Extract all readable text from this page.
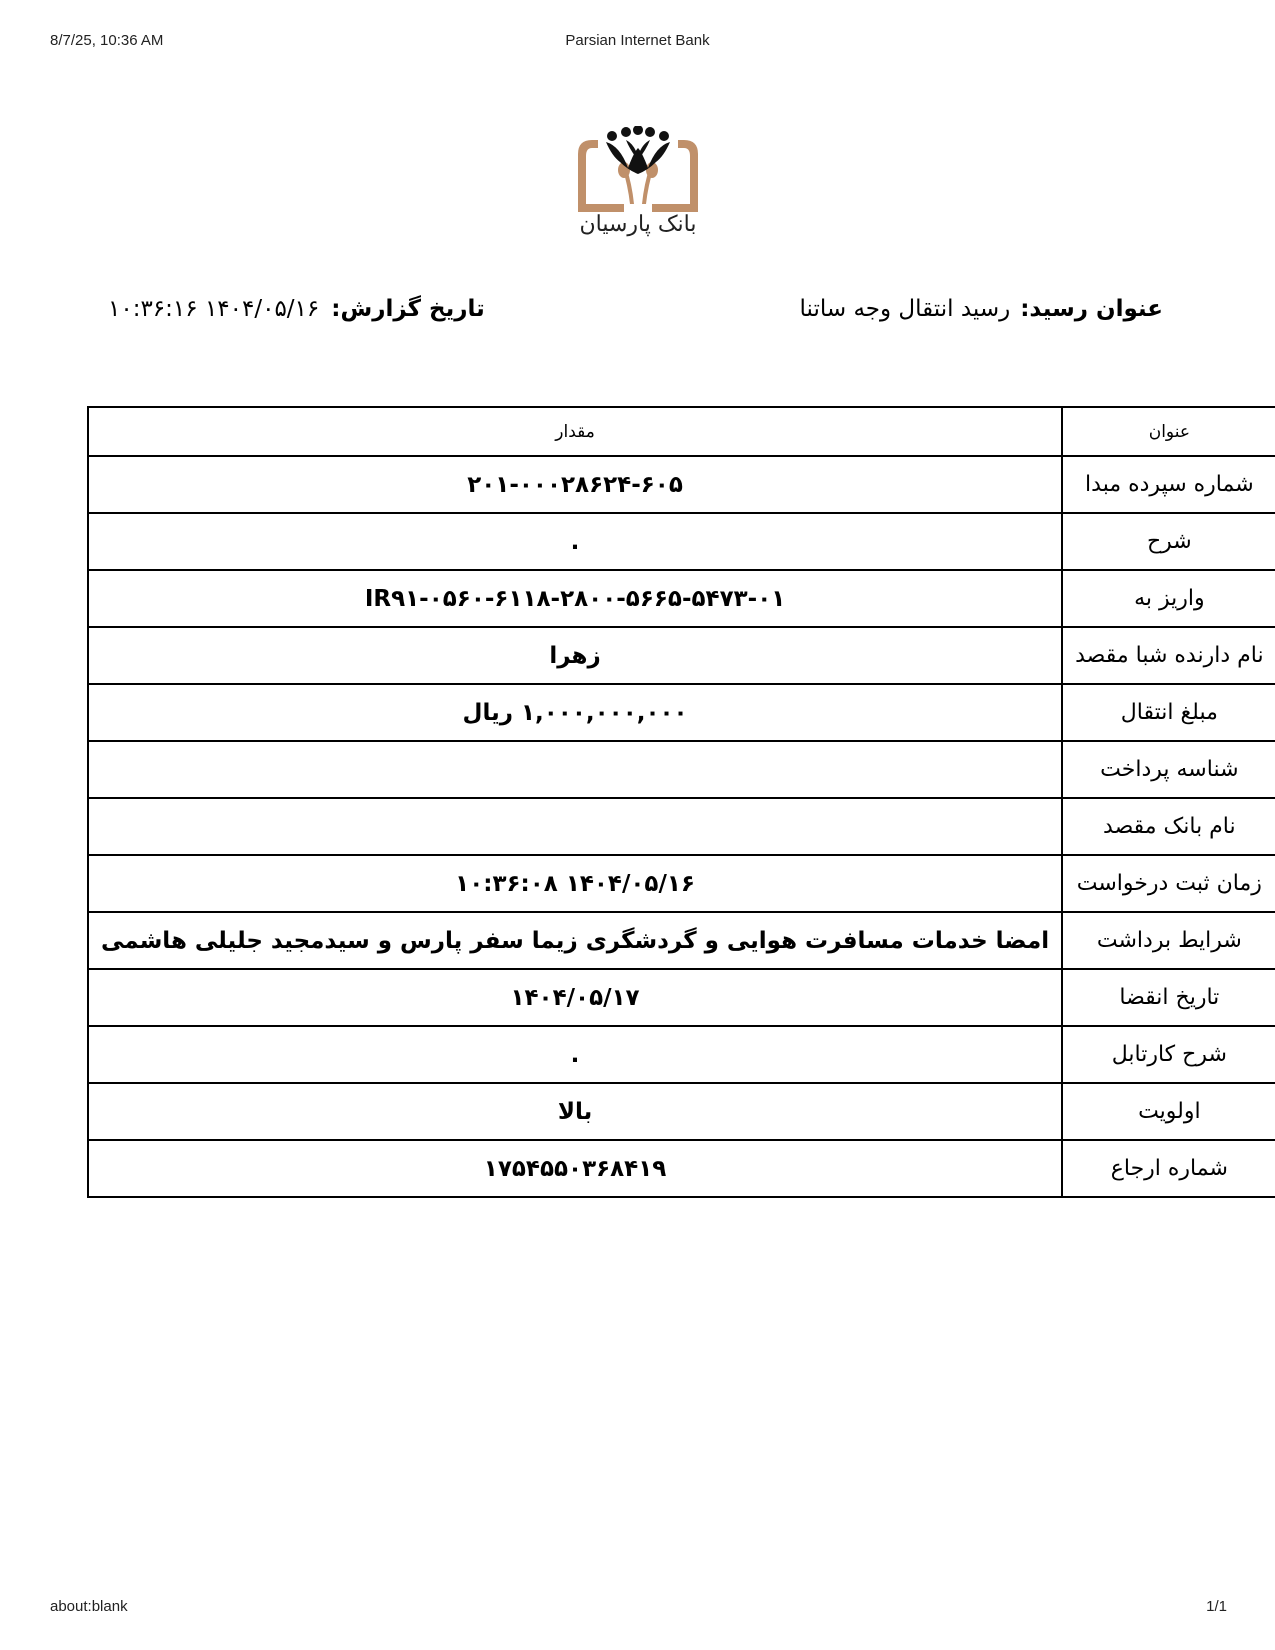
8/7/25, 10:36 AM	Parsian Internet Bank
بانک پارسیان
عنوان رسید:رسید انتقال وجه ساتنا
تاریخ گزارش:۱۴۰۴/۰۵/۱۶ ۱۰:۳۶:۱۶
عنوان	مقدار
شماره سپرده مبدا	۲۰۱-۰۰۰۲۸۶۲۴-۶۰۵
شرح	.
واریز به	IR۹۱-۰۵۶۰-۶۱۱۸-۲۸۰۰-۵۶۶۵-۵۴۷۳-۰۱
نام دارنده شبا مقصد	زهرا
مبلغ انتقال	۱,۰۰۰,۰۰۰,۰۰۰ ریال
شناسه پرداخت	
نام بانک مقصد	
زمان ثبت درخواست	۱۴۰۴/۰۵/۱۶ ۱۰:۳۶:۰۸
شرایط برداشت	امضا خدمات مسافرت هوایی و گردشگری زیما سفر پارس و سیدمجید جلیلی هاشمی
تاریخ انقضا	۱۴۰۴/۰۵/۱۷
شرح کارتابل	.
اولویت	بالا
شماره ارجاع	۱۷۵۴۵۵۰۳۶۸۴۱۹
about:blank	1/1
